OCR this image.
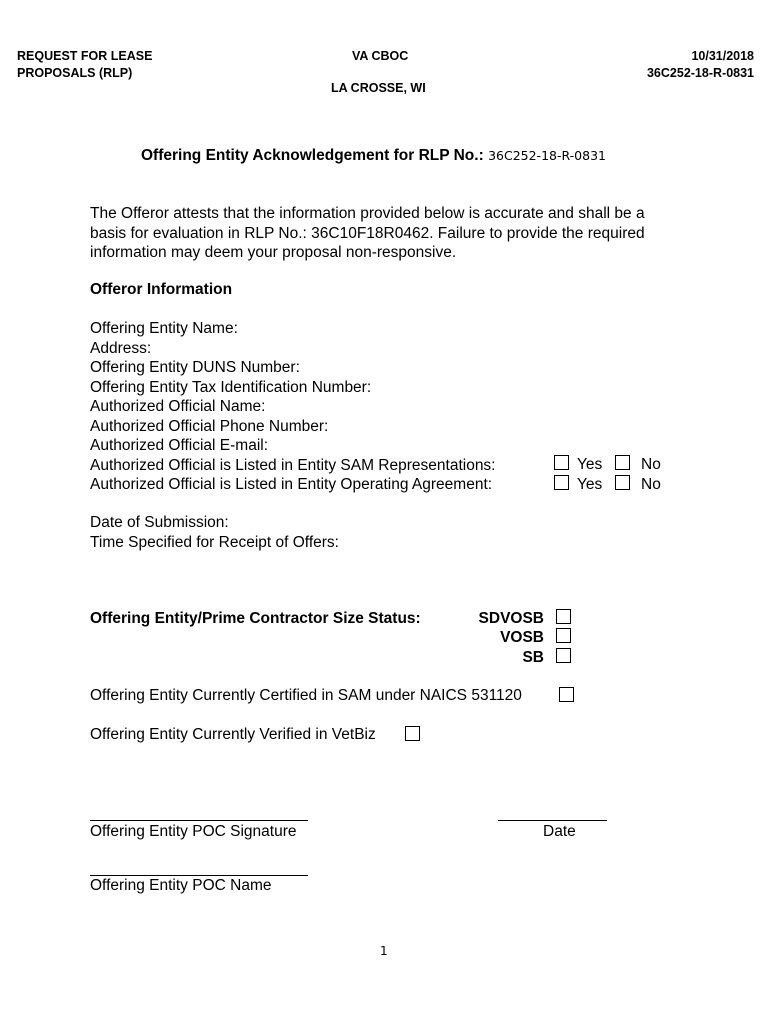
REQUEST FOR LEASE
PROPOSALS (RLP)
VA CBOC
LA CROSSE, WI
10/31/2018
36C252-18-R-0831
Offering Entity Acknowledgement for RLP No.: 36C252-18-R-0831
The Offeror attests that the information provided below is accurate and shall be a
basis for evaluation in RLP No.: 36C10F18R0462. Failure to provide the required
information may deem your proposal non-responsive.
Offeror Information
Offering Entity Name:
Address:
Offering Entity DUNS Number:
Offering Entity Tax Identification Number:
Authorized Official Name:
Authorized Official Phone Number:
Authorized Official E-mail:
Authorized Official is Listed in Entity SAM Representations:
Authorized Official is Listed in Entity Operating Agreement:
Yes No
Yes No
Date of Submission:
Time Specified for Receipt of Offers:
Offering Entity/Prime Contractor Size Status:	SDVOSB
VOSB
SB
Offering Entity Currently Certified in SAM under NAICS 531120
Offering Entity Currently Verified in VetBiz
Offering Entity POC Signature	Date
Offering Entity POC Name
1
